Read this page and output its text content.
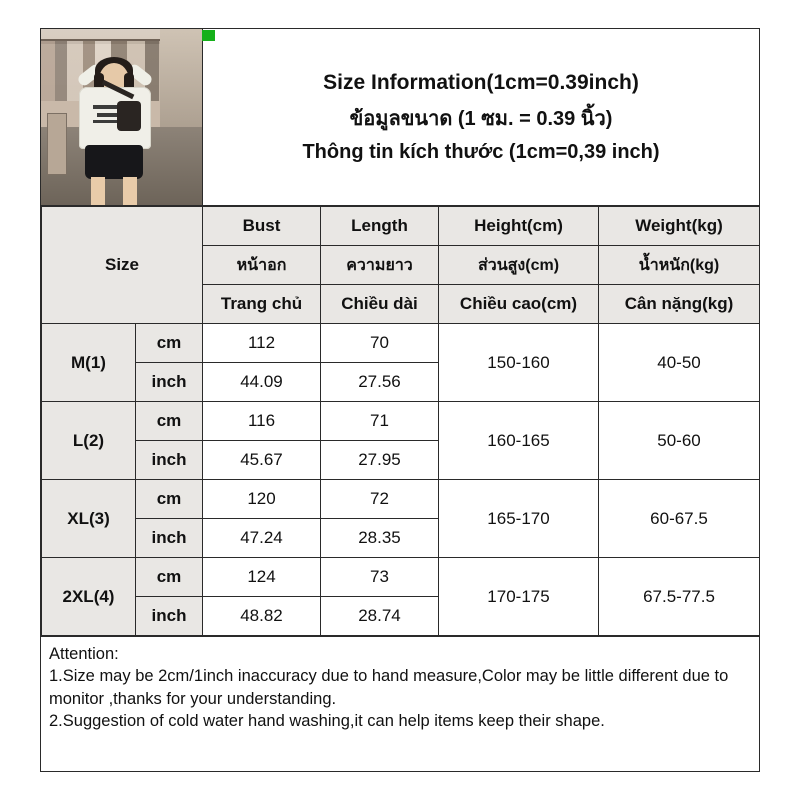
Size Information(1cm=0.39inch)
ข้อมูลขนาด (1 ซม. = 0.39 นิ้ว)
Thông tin kích thước (1cm=0,39 inch)
Size		Bust	Length	Height(cm)	Weight(kg)
		หน้าอก	ความยาว	ส่วนสูง(cm)	น้ำหนัก(kg)
		Trang chủ	Chiều dài	Chiều cao(cm)	Cân nặng(kg)
M(1)	cm	112	70	150-160	40-50
	inch	44.09	27.56		
L(2)	cm	116	71	160-165	50-60
	inch	45.67	27.95		
XL(3)	cm	120	72	165-170	60-67.5
	inch	47.24	28.35		
2XL(4)	cm	124	73	170-175	67.5-77.5
	inch	48.82	28.74		

Attention:

1.Size may be 2cm/1inch inaccuracy due to hand measure,Color may be little different due to monitor ,thanks for your understanding.

2.Suggestion of cold water hand washing,it can help items keep their shape.
